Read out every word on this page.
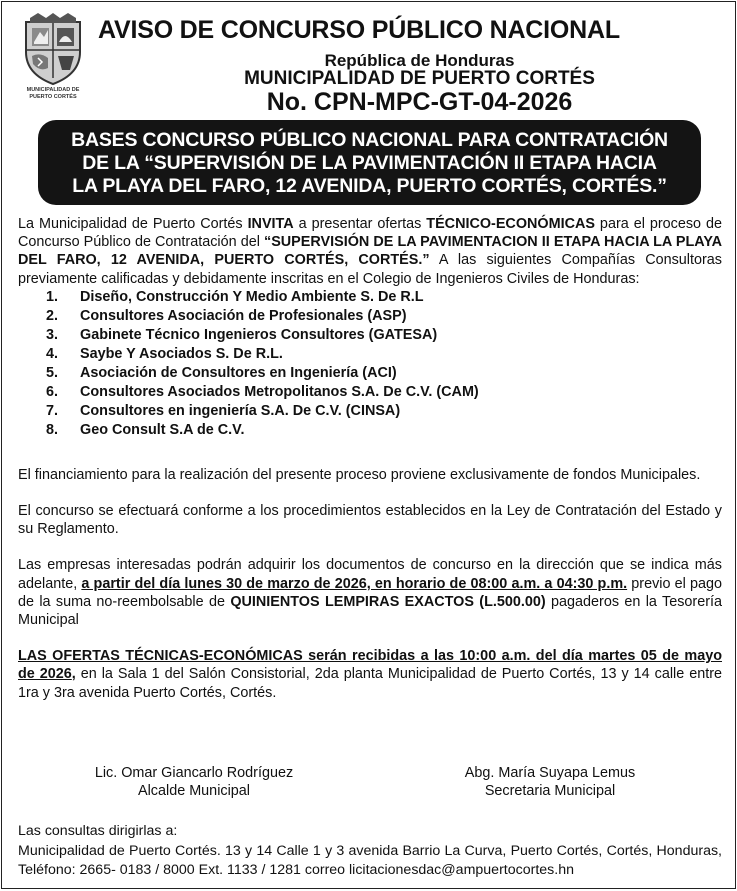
MUNICIPALIDAD DE
PUERTO CORTÉS
AVISO DE CONCURSO PÚBLICO NACIONAL
República de Honduras
MUNICIPALIDAD DE PUERTO CORTÉS
No. CPN-MPC-GT-04-2026
BASES CONCURSO PÚBLICO NACIONAL PARA CONTRATACIÓN
DE LA “SUPERVISIÓN DE LA PAVIMENTACIÓN II ETAPA HACIA
LA PLAYA DEL FARO, 12 AVENIDA, PUERTO CORTÉS, CORTÉS.”

La Municipalidad de Puerto Cortés INVITA a presentar ofertas TÉCNICO-ECONÓMICAS para el proceso de Concurso Público de Contratación del “SUPERVISIÓN DE LA PAVIMENTACION II ETAPA HACIA LA PLAYA DEL FARO, 12 AVENIDA, PUERTO CORTÉS, CORTÉS.” A las siguientes Compañías Consultoras previamente calificadas y debidamente inscritas en el Colegio de Ingenieros Civiles de Honduras:

1.	Diseño, Construcción Y Medio Ambiente S. De R.L
2.	Consultores Asociación de Profesionales (ASP)
3.	Gabinete Técnico Ingenieros Consultores (GATESA)
4.	Saybe Y Asociados S. De R.L.
5.	Asociación de Consultores en Ingeniería (ACI)
6.	Consultores Asociados Metropolitanos S.A. De C.V. (CAM)
7.	Consultores en ingeniería S.A. De C.V. (CINSA)
8.	Geo Consult S.A de C.V.

El financiamiento para la realización del presente proceso proviene exclusivamente de fondos Municipales.

El concurso se efectuará conforme a los procedimientos establecidos en la Ley de Contratación del Estado y su Reglamento.

Las empresas interesadas podrán adquirir los documentos de concurso en la dirección que se indica más adelante, a partir del día lunes 30 de marzo de 2026, en horario de 08:00 a.m. a 04:30 p.m. previo el pago de la suma no-reembolsable de QUINIENTOS LEMPIRAS EXACTOS (L.500.00) pagaderos en la Tesorería Municipal

LAS OFERTAS TÉCNICAS-ECONÓMICAS serán recibidas a las 10:00 a.m. del día martes 05 de mayo de 2026, en la Sala 1 del Salón Consistorial, 2da planta Municipalidad de Puerto Cortés, 13 y 14 calle entre 1ra y 3ra avenida Puerto Cortés, Cortés.

Lic. Omar Giancarlo Rodríguez
Alcalde Municipal
Abg. María Suyapa Lemus
Secretaria Municipal

Las consultas dirigirlas a:

Municipalidad de Puerto Cortés. 13 y 14 Calle 1 y 3 avenida Barrio La Curva, Puerto Cortés, Cortés, Honduras, Teléfono: 2665- 0183 / 8000 Ext. 1133 / 1281 correo licitacionesdac@ampuertocortes.hn
